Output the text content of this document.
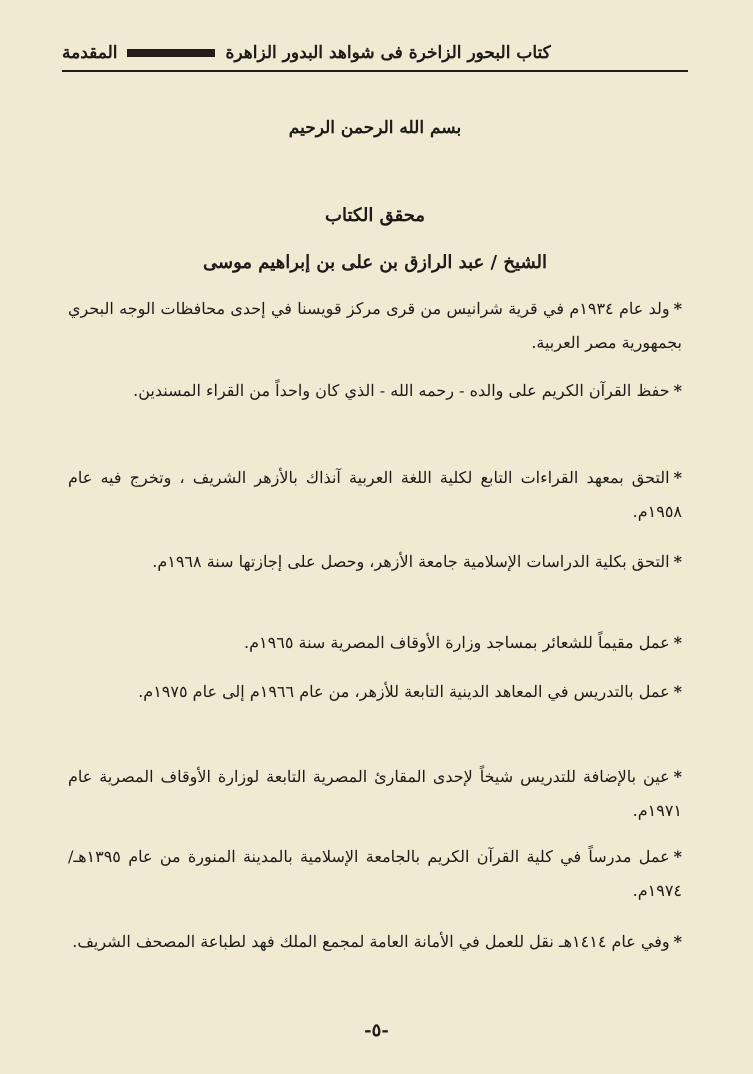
المقدمة	كتاب البحور الزاخرة فى شواهد البدور الزاهرة
بسم الله الرحمن الرحيم
محقق الكتاب
الشيخ / عبد الرازق بن على بن إبراهيم موسى
*ولد عام ١٩٣٤م في قرية شرانيس من قرى مركز قويسنا في إحدى محافظات الوجه البحري بجمهورية مصر العربية.
*حفظ القرآن الكريم على والده - رحمه الله - الذي كان واحداً من القراء المسندين.
*التحق بمعهد القراءات التابع لكلية اللغة العربية آنذاك بالأزهر الشريف ، وتخرج فيه عام ١٩٥٨م.
*التحق بكلية الدراسات الإسلامية جامعة الأزهر، وحصل على إجازتها سنة ١٩٦٨م.
*عمل مقيماً للشعائر بمساجد وزارة الأوقاف المصرية سنة ١٩٦٥م.
*عمل بالتدريس في المعاهد الدينية التابعة للأزهر، من عام ١٩٦٦م إلى عام ١٩٧٥م.
*عين بالإضافة للتدريس شيخاً لإحدى المقارئ المصرية التابعة لوزارة الأوقاف المصرية عام ١٩٧١م.
*عمل مدرساً في كلية القرآن الكريم بالجامعة الإسلامية بالمدينة المنورة من عام ١٣٩٥هـ/ ١٩٧٤م.
*وفي عام ١٤١٤هـ نقل للعمل في الأمانة العامة لمجمع الملك فهد لطباعة المصحف الشريف.
-٥-
